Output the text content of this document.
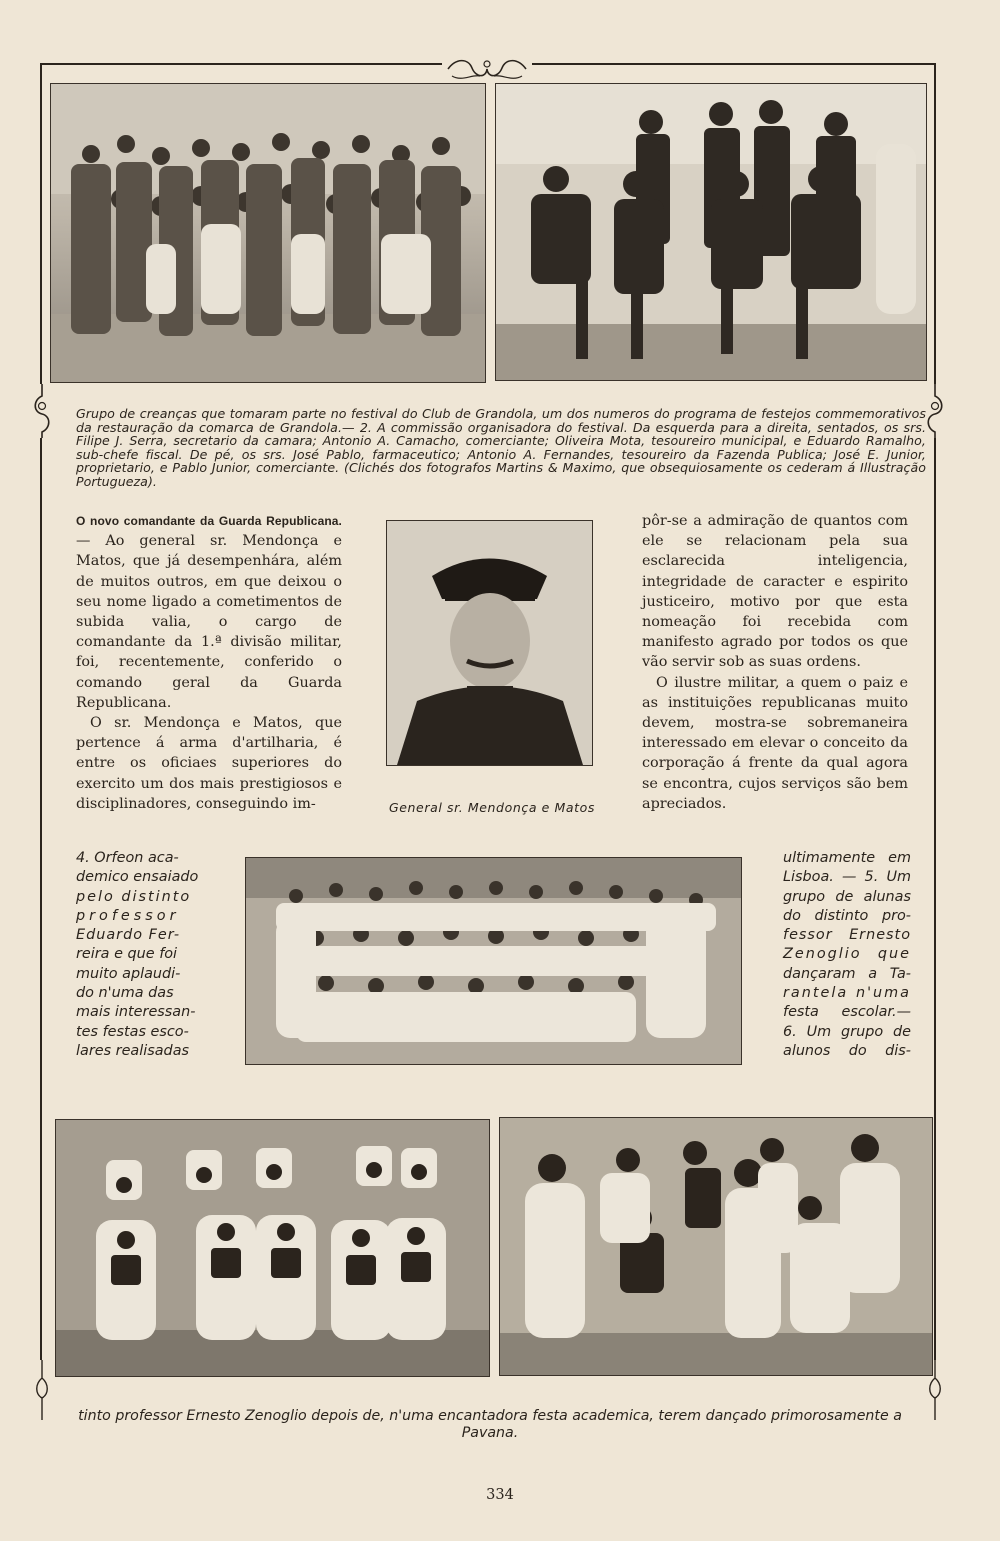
Grupo de creanças que tomaram parte no festival do Club de Grandola, um dos numeros do programa de festejos commemorativos da restauração da comarca de Grandola.— 2. A commissão organisadora do festival. Da esquerda para a direita, sentados, os srs. Filipe J. Serra, secretario da camara; Antonio A. Camacho, comerciante; Oliveira Mota, tesoureiro municipal, e Eduardo Ramalho, sub-chefe fiscal. De pé, os srs. José Pablo, farmaceutico; Antonio A. Fernandes, tesoureiro da Fazenda Publica; José E. Junior, proprietario, e Pablo Junior, comerciante. (Clichés dos fotografos Martins & Maximo, que obsequiosamente os cederam á Illustração Portugueza).

O novo comandante da Guarda Republicana. — Ao general sr. Mendonça e Matos, que já desempenhára, além de muitos outros, em que deixou o seu nome ligado a cometimentos de subida valia, o cargo de comandante da 1.ª divisão militar, foi, recentemente, conferido o comando geral da Guarda Republicana.

O sr. Mendonça e Matos, que pertence á arma d'artilharia, é entre os oficiaes superiores do exercito um dos mais prestigiosos e disciplinadores, conseguindo im-	General sr. Mendonça e Matos

pôr-se a admiração de quantos com ele se relacionam pela sua esclarecida inteligencia, integridade de caracter e espirito justiceiro, motivo por que esta nomeação foi recebida com manifesto agrado por todos os que vão servir sob as suas ordens.

O ilustre militar, a quem o paiz e as instituições republicanas muito devem, mostra-se sobremaneira interessado em elevar o conceito da corporação á frente da qual agora se encontra, cujos serviços são bem apreciados.

4. Orfeon aca-
demico ensaiado
pelo distinto
professor
Eduardo Fer-
reira e que foi
muito aplaudi-
do n'uma das
mais interessan-
tes festas esco-
lares realisadas
ultimamente em
Lisboa. — 5. Um
grupo de alunas
do distinto pro-
fessor Ernesto
Zenoglio que
dançaram a Ta-
rantela n'uma
festa escolar.—
6. Um grupo de
alunos do dis-
tinto professor Ernesto Zenoglio depois de, n'uma encantadora festa academica, terem dançado primorosamente a Pavana.
334
